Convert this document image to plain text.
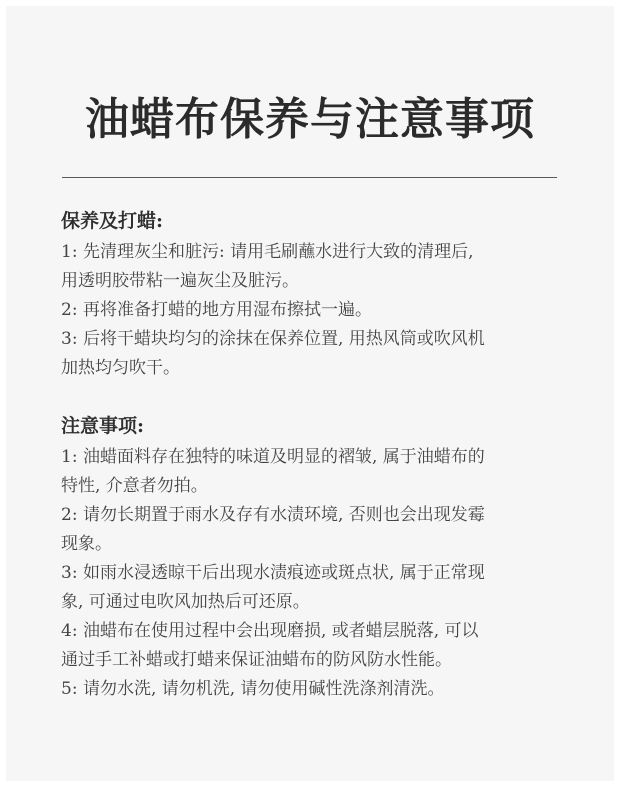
油蜡布保养与注意事项

保养及打蜡:

1: 先清理灰尘和脏污: 请用毛刷蘸水进行大致的清理后,

用透明胶带粘一遍灰尘及脏污。

2: 再将准备打蜡的地方用湿布擦拭一遍。

3: 后将干蜡块均匀的涂抹在保养位置, 用热风筒或吹风机

加热均匀吹干。

注意事项:

1: 油蜡面料存在独特的味道及明显的褶皱, 属于油蜡布的

特性, 介意者勿拍。

2: 请勿长期置于雨水及存有水渍环境, 否则也会出现发霉

现象。

3: 如雨水浸透晾干后出现水渍痕迹或斑点状, 属于正常现

象, 可通过电吹风加热后可还原。

4: 油蜡布在使用过程中会出现磨损, 或者蜡层脱落, 可以

通过手工补蜡或打蜡来保证油蜡布的防风防水性能。

5: 请勿水洗, 请勿机洗, 请勿使用碱性洗涤剂清洗。
